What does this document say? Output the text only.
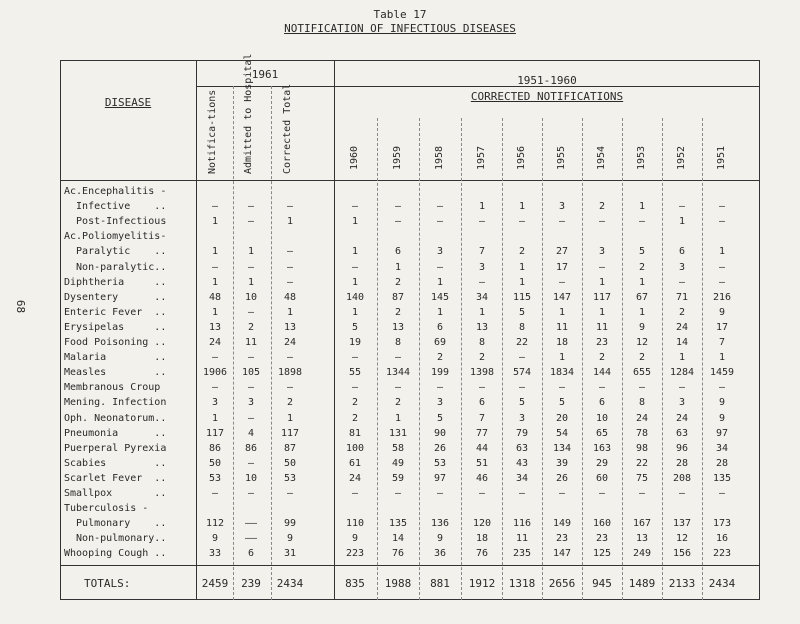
Table 17
NOTIFICATION OF INFECTIOUS DISEASES
68
DISEASE
1961	1951-1960
CORRECTED NOTIFICATIONS
Notifica-tions	Admitted to Hospital	Corrected Total	1960	1959	1958	1957	1956	1955	1954	1953	1952	1951
Ac.Encephalitis -
Infective    ..	–	–	–	–	–	–	1	1	3	2	1	–	–
Post-Infectious	1	–	1	1	–	–	–	–	–	–	–	1	–
Ac.Poliomyelitis-
Paralytic    ..	1	1	–	1	6	3	7	2	27	3	5	6	1
Non-paralytic..	–	–	–	–	1	–	3	1	17	–	2	3	–
Diphtheria     ..	1	1	–	1	2	1	–	1	–	1	1	–	–
Dysentery      ..	48	10	48	140	87	145	34	115	147	117	67	71	216
Enteric Fever  ..	1	–	1	1	2	1	1	5	1	1	1	2	9
Erysipelas     ..	13	2	13	5	13	6	13	8	11	11	9	24	17
Food Poisoning ..	24	11	24	19	8	69	8	22	18	23	12	14	7
Malaria        ..	–	–	–	–	–	2	2	–	1	2	2	1	1
Measles        ..	1906	105	1898	55	1344	199	1398	574	1834	144	655	1284	1459
Membranous Croup	–	–	–	–	–	–	–	–	–	–	–	–	–
Mening. Infection	3	3	2	2	2	3	6	5	5	6	8	3	9
Oph. Neonatorum..	1	–	1	2	1	5	7	3	20	10	24	24	9
Pneumonia      ..	117	4	117	81	131	90	77	79	54	65	78	63	97
Puerperal Pyrexia	86	86	87	100	58	26	44	63	134	163	98	96	34
Scabies        ..	50	–	50	61	49	53	51	43	39	29	22	28	28
Scarlet Fever  ..	53	10	53	24	59	97	46	34	26	60	75	208	135
Smallpox       ..	–	–	–	–	–	–	–	–	–	–	–	–	–
Tuberculosis -
Pulmonary    ..	112	——	99	110	135	136	120	116	149	160	167	137	173
Non-pulmonary..	9	——	9	9	14	9	18	11	23	23	13	12	16
Whooping Cough ..	33	6	31	223	76	36	76	235	147	125	249	156	223
TOTALS:	2459	239	2434	835	1988	881	1912	1318	2656	945	1489	2133	2434
